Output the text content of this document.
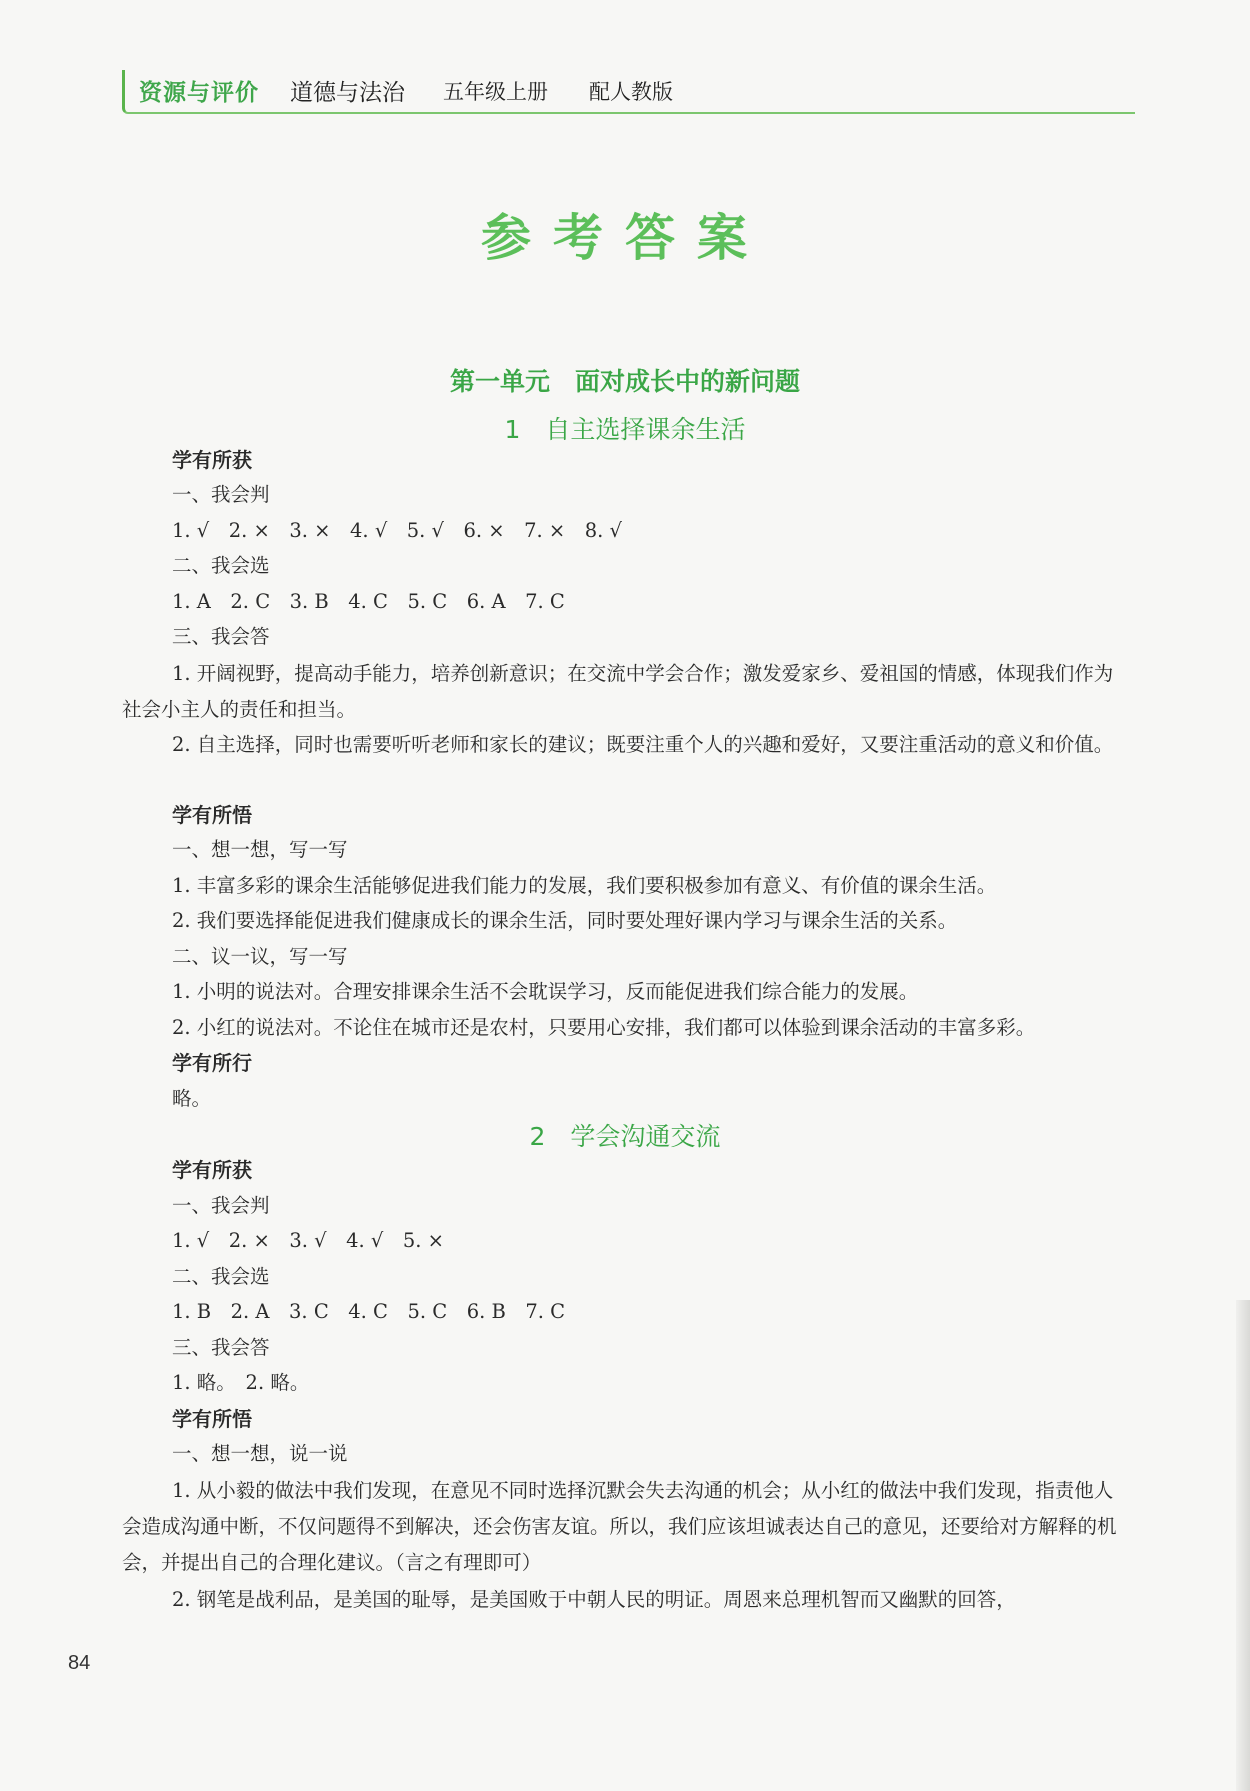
资源与评价 道德与法治 五年级上册 配人教版
参考答案
第一单元　面对成长中的新问题
1　自主选择课余生活
学有所获
一、我会判
1. √　2. ×　3. ×　4. √　5. √　6. ×　7. ×　8. √
二、我会选
1. A　2. C　3. B　4. C　5. C　6. A　7. C
三、我会答
1. 开阔视野，提高动手能力，培养创新意识；在交流中学会合作；激发爱家乡、爱祖国的情感，体现我们作为社会小主人的责任和担当。
2. 自主选择，同时也需要听听老师和家长的建议；既要注重个人的兴趣和爱好，又要注重活动的意义和价值。
学有所悟
一、想一想，写一写
1. 丰富多彩的课余生活能够促进我们能力的发展，我们要积极参加有意义、有价值的课余生活。
2. 我们要选择能促进我们健康成长的课余生活，同时要处理好课内学习与课余生活的关系。
二、议一议，写一写
1. 小明的说法对。合理安排课余生活不会耽误学习，反而能促进我们综合能力的发展。
2. 小红的说法对。不论住在城市还是农村，只要用心安排，我们都可以体验到课余活动的丰富多彩。
学有所行
略。
2　学会沟通交流
学有所获
一、我会判
1. √　2. ×　3. √　4. √　5. ×
二、我会选
1. B　2. A　3. C　4. C　5. C　6. B　7. C
三、我会答
1. 略。　2. 略。
学有所悟
一、想一想，说一说
1. 从小毅的做法中我们发现，在意见不同时选择沉默会失去沟通的机会；从小红的做法中我们发现，指责他人会造成沟通中断，不仅问题得不到解决，还会伤害友谊。所以，我们应该坦诚表达自己的意见，还要给对方解释的机会，并提出自己的合理化建议。（言之有理即可）
2. 钢笔是战利品，是美国的耻辱，是美国败于中朝人民的明证。周恩来总理机智而又幽默的回答，
84
